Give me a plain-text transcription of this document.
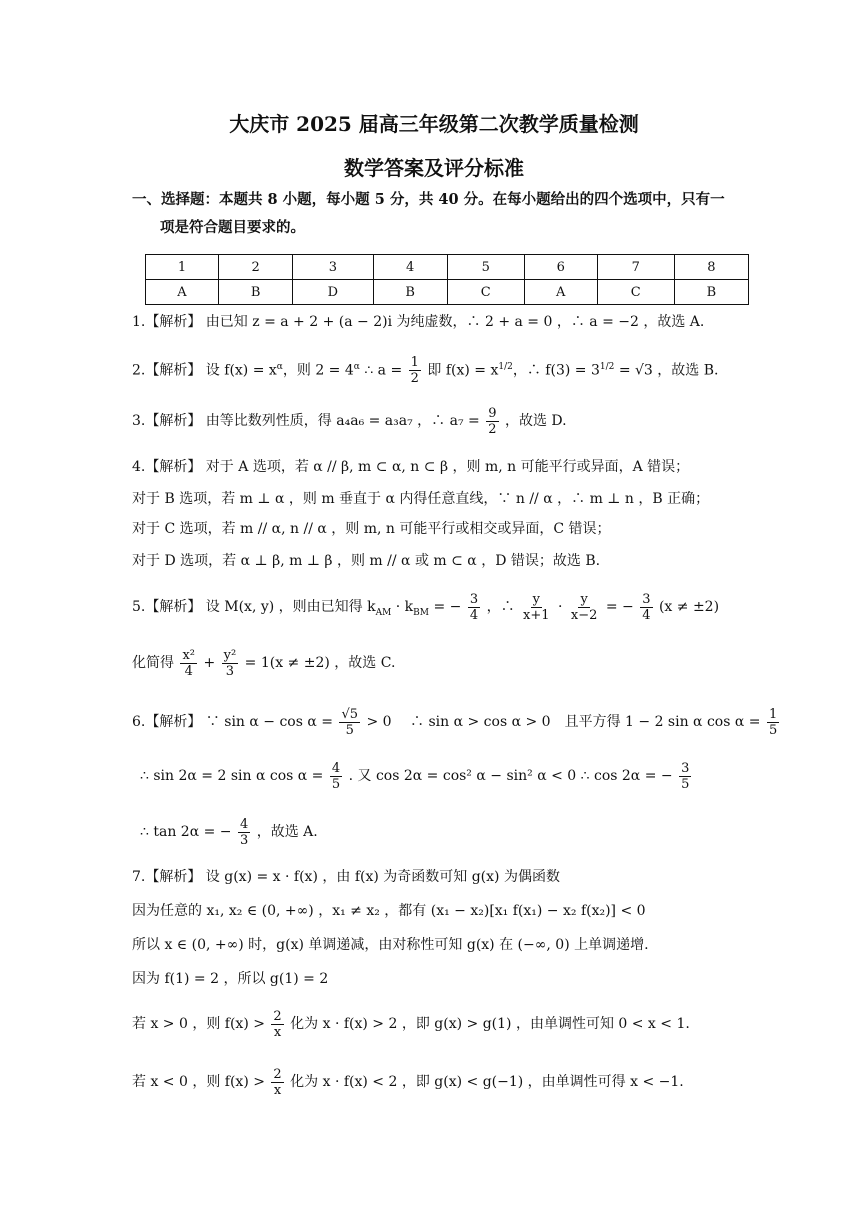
大庆市 2025 届高三年级第二次教学质量检测
数学答案及评分标准
一、选择题：本题共 8 小题，每小题 5 分，共 40 分。在每小题给出的四个选项中，只有一
项是符合题目要求的。
1	2	3	4	5	6	7	8
A	B	D	B	C	A	C	B
1.【解析】 由已知 z = a + 2 + (a − 2)i 为纯虚数，∴ 2 + a = 0 ，∴ a = −2 ，故选 A.
2.【解析】 设 $f(x) = x^\alpha$，则 $2 = 4^\alpha$ ∴ $a = \frac{1}{2}$ 即 $f(x) = x^{1/2}$，∴ $f(3) = 3^{1/2} = √3$ ，故选 B.
3.【解析】 由等比数列性质，得 a₄a₆ = a₃a₇ ，∴ $a_7 = \frac{9}{2}$ ，故选 D.
4.【解析】 对于 A 选项，若 α // β, m ⊂ α, n ⊂ β ，则 m, n 可能平行或异面，A 错误；
对于 B 选项，若 m ⊥ α ，则 m 垂直于 α 内得任意直线，∵ n // α ，∴ m ⊥ n ，B 正确；
对于 C 选项，若 m // α, n // α ，则 m, n 可能平行或相交或异面，C 错误；
对于 D 选项，若 α ⊥ β, m ⊥ β ，则 m // α 或 m ⊂ α ，D 错误；故选 B.
5.【解析】 设 M(x, y) ，则由已知得 $k_{AM} \cdot k_{BM}$ = − $\frac{3}{4}$ ，∴ $\frac{y}{x+1} \cdot \frac{y}{x-2}$ = − $\frac{3}{4} (x \ne \pm 2)$
化简得 $\frac{\text{x²}}{4} + \frac{\text{y²}}{3} = 1(x \ne \pm 2)$ ，故选 C.
6.【解析】 ∵ $\sin \alpha - \cos \alpha = \frac{√5}{5} > 0$　 ∴ sin α > cos α > 0　且平方得 1 − 2 sin α $\cos \alpha = \frac{1}{5}$
∴ sin 2α = 2 sin α $\cos \alpha = \frac{4}{5}$ . 又 cos 2α = cos² α − sin² α < 0 ∴ cos 2α = − $\frac{3}{5}$
∴ tan 2α = − $\frac{4}{3}$ ，故选 A.
7.【解析】 设 g(x) = x · f(x) ，由 f(x) 为奇函数可知 g(x) 为偶函数
因为任意的 x₁, x₂ ∈ (0, +∞) ，x₁ ≠ x₂ ，都有 (x₁ − x₂)[x₁ f(x₁) − x₂ f(x₂)] < 0
所以 x ∈ (0, +∞) 时，g(x) 单调递减，由对称性可知 g(x) 在 (−∞, 0) 上单调递增.
因为 f(1) = 2 ，所以 g(1) = 2
若 x > 0 ，则 $f(x) > \frac{2}{x}$ 化为 x · f(x) > 2 ，即 g(x) > g(1) ，由单调性可知 0 < x < 1.
若 x < 0 ，则 $f(x) > \frac{2}{x}$ 化为 x · f(x) < 2 ，即 g(x) < g(−1) ，由单调性可得 x < −1.
